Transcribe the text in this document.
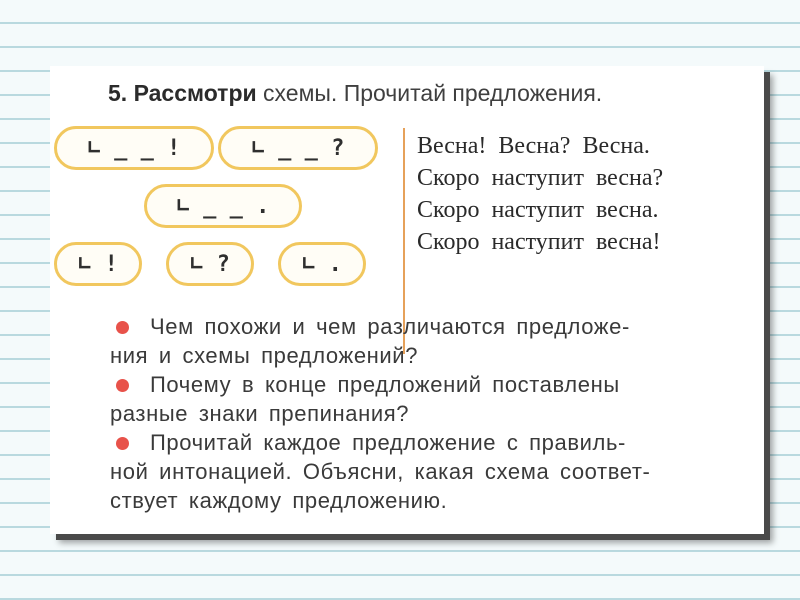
5. Рассмотри схемы. Прочитай предложения.
∟ _ _ !	∟ _ _ ?
∟ _ _ .
∟ !	∟ ?	∟ .
Весна! Весна? Весна.
Скоро наступит весна?
Скоро наступит весна.
Скоро наступит весна!
Чем похожи и чем различаются предложе-
ния и схемы предложений?
Почему в конце предложений поставлены
разные знаки препинания?
Прочитай каждое предложение с правиль-
ной интонацией. Объясни, какая схема соответ-
ствует каждому предложению.
